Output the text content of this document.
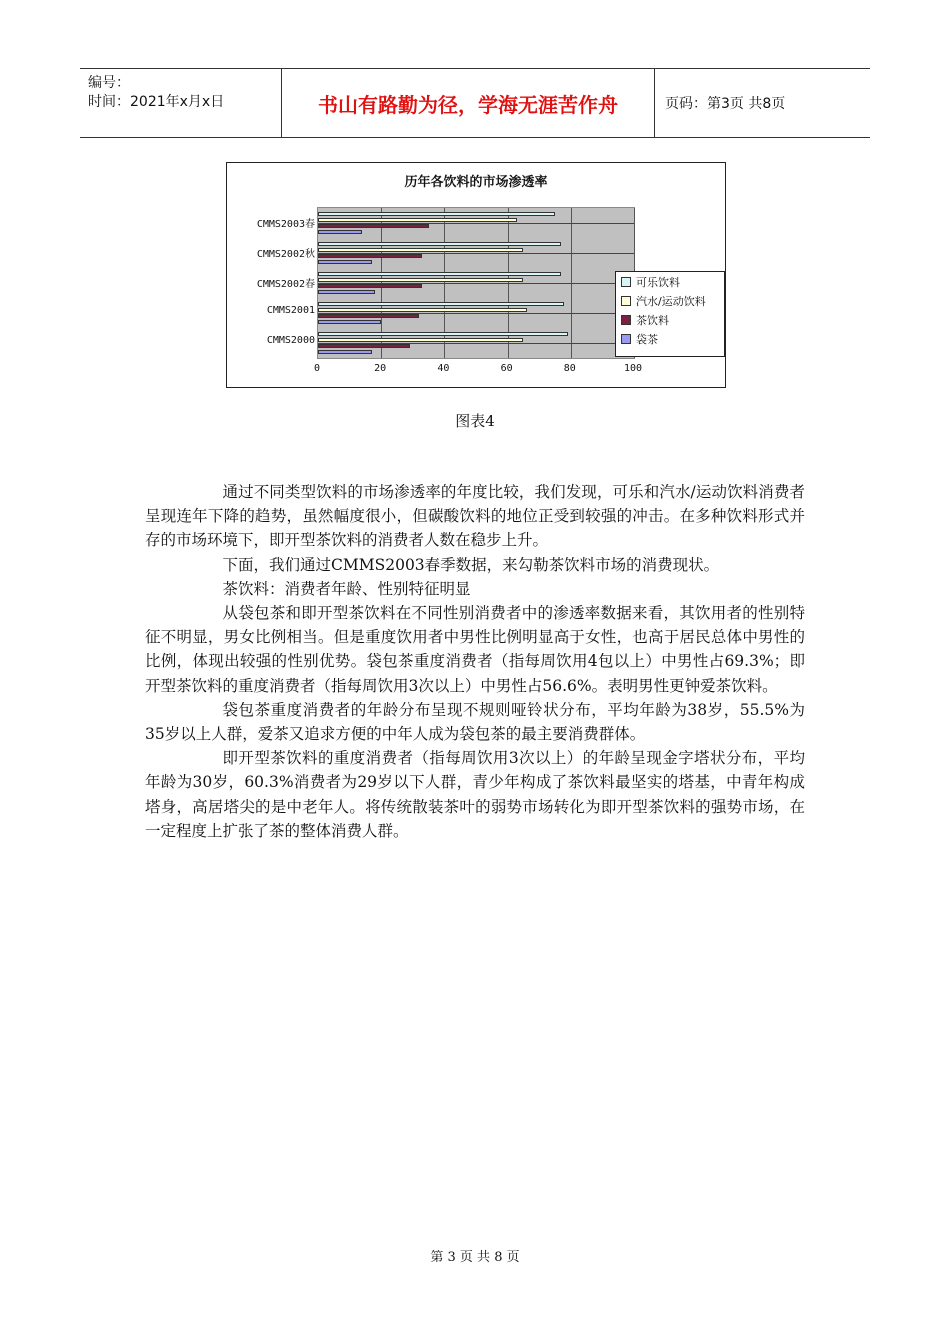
编号：
时间：2021年x月x日	书山有路勤为径，学海无涯苦作舟	页码：第3页 共8页
历年各饮料的市场渗透率
CMMS2003春
CMMS2002秋
CMMS2002春
CMMS2001
CMMS2000
0	20	40	60	80	100
可乐饮料
汽水/运动饮料
茶饮料
袋茶
图表4

通过不同类型饮料的市场渗透率的年度比较，我们发现，可乐和汽水/运动饮料消费者呈现连年下降的趋势，虽然幅度很小，但碳酸饮料的地位正受到较强的冲击。在多种饮料形式并存的市场环境下，即开型茶饮料的消费者人数在稳步上升。

下面，我们通过CMMS2003春季数据，来勾勒茶饮料市场的消费现状。

茶饮料：消费者年龄、性别特征明显

从袋包茶和即开型茶饮料在不同性别消费者中的渗透率数据来看，其饮用者的性别特征不明显，男女比例相当。但是重度饮用者中男性比例明显高于女性，也高于居民总体中男性的比例，体现出较强的性别优势。袋包茶重度消费者（指每周饮用4包以上）中男性占69.3%；即开型茶饮料的重度消费者（指每周饮用3次以上）中男性占56.6%。表明男性更钟爱茶饮料。

袋包茶重度消费者的年龄分布呈现不规则哑铃状分布，平均年龄为38岁，55.5%为35岁以上人群，爱茶又追求方便的中年人成为袋包茶的最主要消费群体。

即开型茶饮料的重度消费者（指每周饮用3次以上）的年龄呈现金字塔状分布，平均年龄为30岁，60.3%消费者为29岁以下人群，青少年构成了茶饮料最坚实的塔基，中青年构成塔身，高居塔尖的是中老年人。将传统散装茶叶的弱势市场转化为即开型茶饮料的强势市场，在一定程度上扩张了茶的整体消费人群。

第 3 页 共 8 页
